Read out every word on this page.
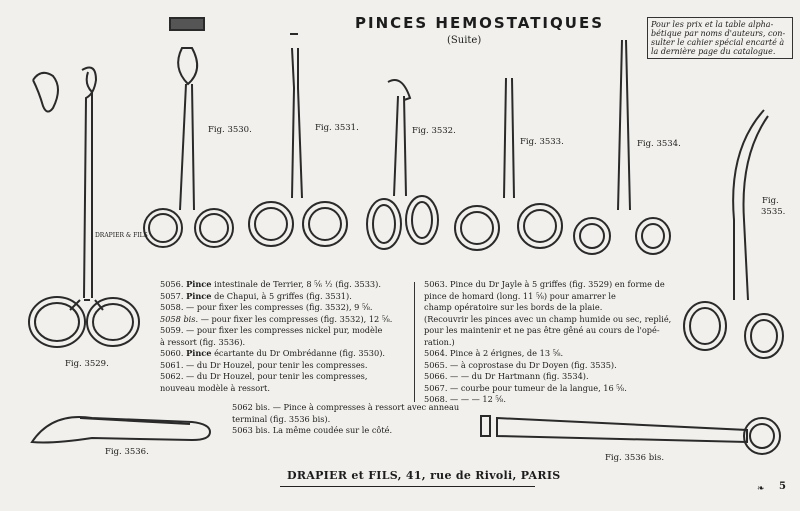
PINCES HEMOSTATIQUES
(Suite)
Pour les prix et la table alpha-
bétique par noms d'auteurs, con-
sulter le cahier spécial encarté à
la dernière page du catalogue.
DRAPIER & FILS
DRAPIER
Fig. 3529.
Fig. 3530.	Fig. 3531.	Fig. 3532.
Fig. 3533.	Fig. 3534.
Fig.
3535.
Fig. 3536.
Fig. 3536 bis.
5056. Pince intestinale de Terrier, 8 ⅚ ½ (fig. 3533).
5057. Pince de Chapui, à 5 griffes (fig. 3531).
5058. — pour fixer les compresses (fig. 3532), 9 ⅝.
5058 bis. — pour fixer les compresses (fig. 3532), 12 ⅝.
5059. — pour fixer les compresses nickel pur, modèle
à ressort (fig. 3536).
5060. Pince écartante du Dr Ombrédanne (fig. 3530).
5061. — du Dr Houzel, pour tenir les compresses.
5062. — du Dr Houzel, pour tenir les compresses,
nouveau modèle à ressort.
5063. Pince du Dr Jayle à 5 griffes (fig. 3529) en forme de
pince de homard (long. 11 ⅝) pour amarrer le
champ opératoire sur les bords de la plaie.
(Recouvrir les pinces avec un champ humide ou sec, replié,
pour les maintenir et ne pas être gêné au cours de l'opé-
ration.)
5064. Pince à 2 érignes, de 13 ⅝.
5065. — à coprostase du Dr Doyen (fig. 3535).
5066. — — du Dr Hartmann (fig. 3534).
5067. — courbe pour tumeur de la langue, 16 ⅝.
5068. — — — 12 ⅝.
5062 bis. — Pince à compresses à ressort avec anneau
terminal (fig. 3536 bis).
5063 bis. La même coudée sur le côté.
DRAPIER et FILS, 41, rue de Rivoli, PARIS
❧ 5
